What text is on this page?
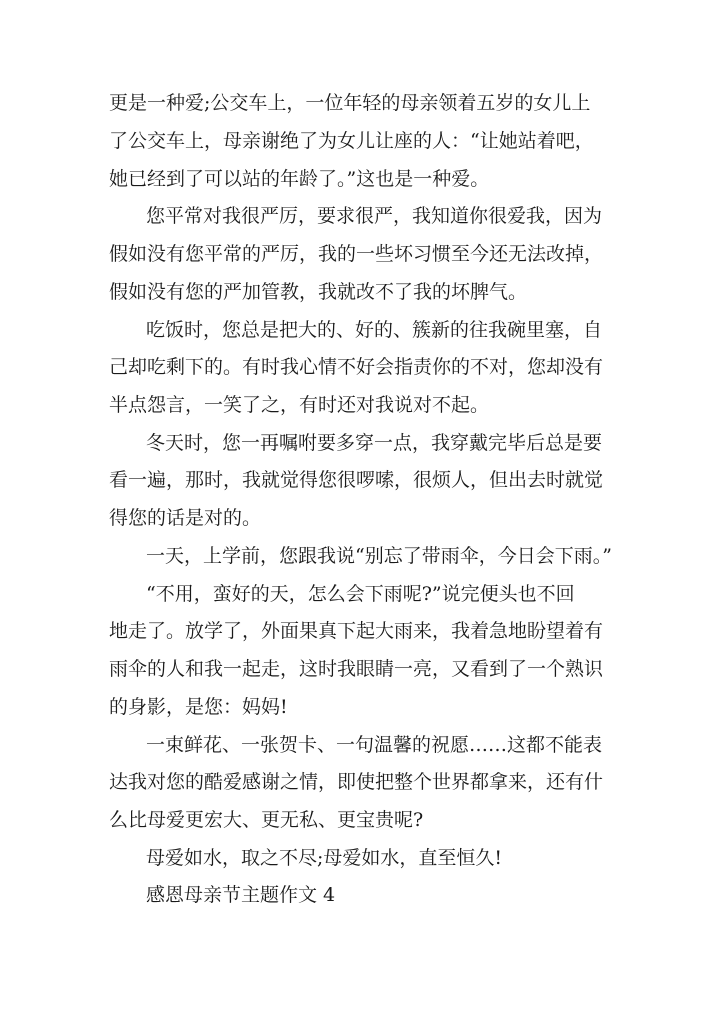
更是一种爱;公交车上，一位年轻的母亲领着五岁的女儿上
了公交车上，母亲谢绝了为女儿让座的人：“让她站着吧，
她已经到了可以站的年龄了。”这也是一种爱。
您平常对我很严厉，要求很严，我知道你很爱我，因为
假如没有您平常的严厉，我的一些坏习惯至今还无法改掉，
假如没有您的严加管教，我就改不了我的坏脾气。
吃饭时，您总是把大的、好的、簇新的往我碗里塞，自
己却吃剩下的。有时我心情不好会指责你的不对，您却没有
半点怨言，一笑了之，有时还对我说对不起。
冬天时，您一再嘱咐要多穿一点，我穿戴完毕后总是要
看一遍，那时，我就觉得您很啰嗦，很烦人，但出去时就觉
得您的话是对的。
一天，上学前，您跟我说“别忘了带雨伞，今日会下雨。”
“不用，蛮好的天，怎么会下雨呢?”说完便头也不回
地走了。放学了，外面果真下起大雨来，我着急地盼望着有
雨伞的人和我一起走，这时我眼睛一亮，又看到了一个熟识
的身影，是您：妈妈!
一束鲜花、一张贺卡、一句温馨的祝愿……这都不能表
达我对您的酷爱感谢之情，即使把整个世界都拿来，还有什
么比母爱更宏大、更无私、更宝贵呢?
母爱如水，取之不尽;母爱如水，直至恒久!
感恩母亲节主题作文 4
